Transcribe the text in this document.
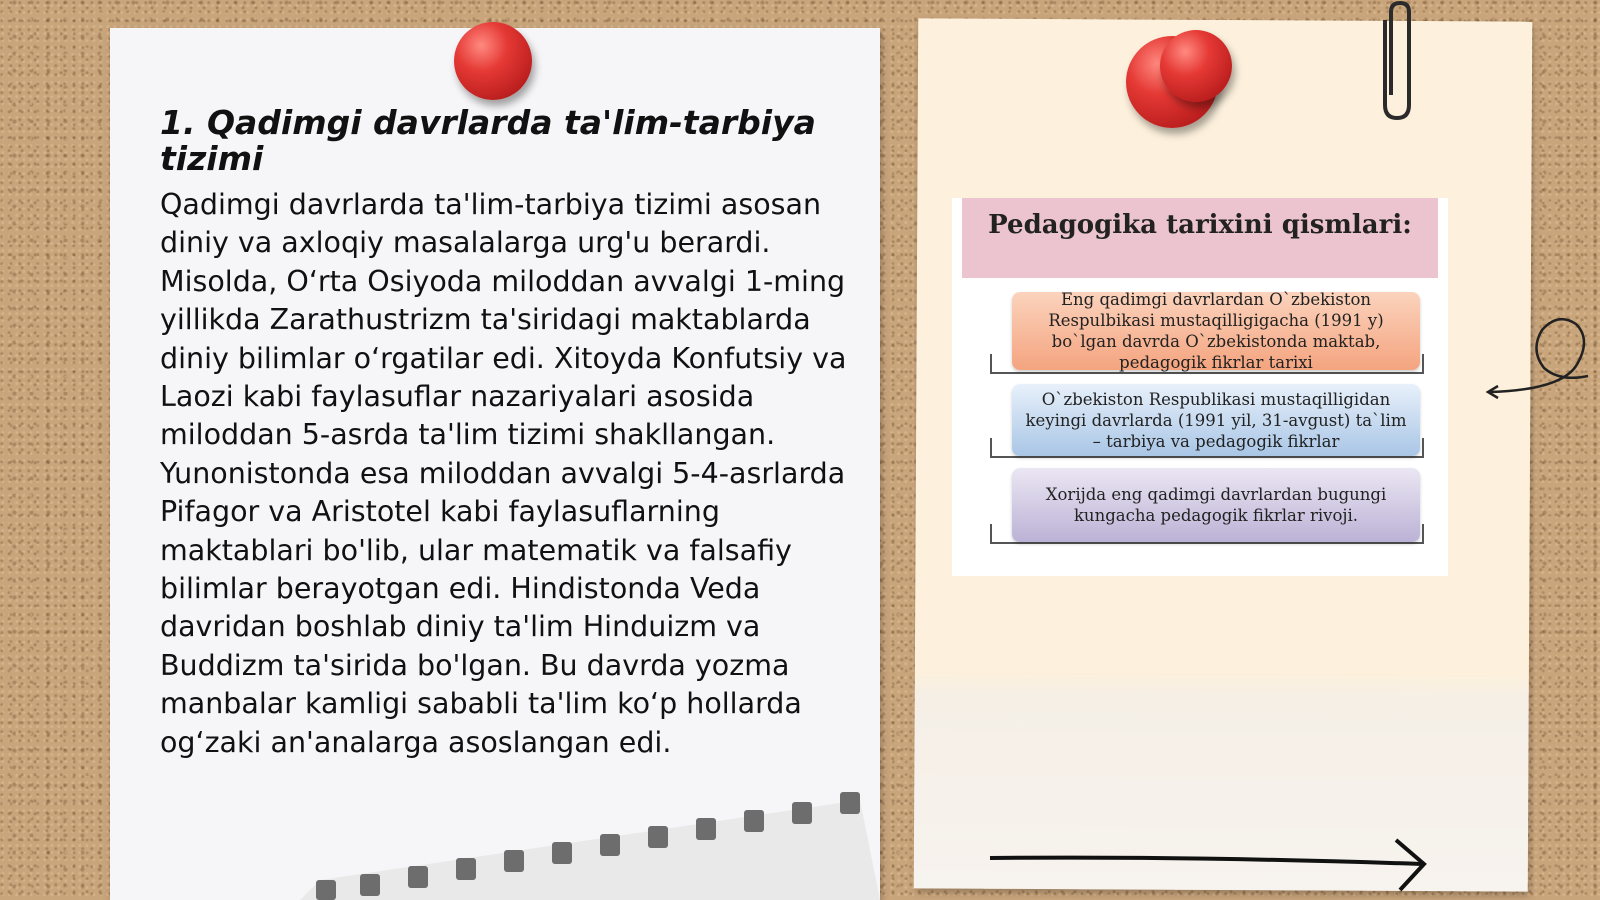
1. Qadimgi davrlarda ta'lim-tarbiya tizimi

Qadimgi davrlarda ta'lim-tarbiya tizimi asosan diniy va axloqiy masalalarga urg'u berardi. Misolda, O‘rta Osiyoda miloddan avvalgi 1-ming yillikda Zarathustrizm ta'siridagi maktablarda diniy bilimlar o‘rgatilar edi. Xitoyda Konfutsiy va Laozi kabi faylasuflar nazariyalari asosida miloddan 5-asrda ta'lim tizimi shakllangan. Yunonistonda esa miloddan avvalgi 5-4-asrlarda Pifagor va Aristotel kabi faylasuflarning maktablari bo'lib, ular matematik va falsafiy bilimlar berayotgan edi. Hindistonda Veda davridan boshlab diniy ta'lim Hinduizm va Buddizm ta'sirida bo'lgan. Bu davrda yozma manbalar kamligi sababli ta'lim ko‘p hollarda og‘zaki an'analarga asoslangan edi.

Pedagogika tarixini qismlari:
Eng qadimgi davrlardan O`zbekiston Respulbikasi mustaqilligigacha (1991 y) bo`lgan davrda O`zbekistonda maktab, pedagogik fikrlar tarixi
O`zbekiston Respublikasi mustaqilligidan keyingi davrlarda (1991 yil, 31-avgust) ta`lim – tarbiya va pedagogik fikrlar
Xorijda eng qadimgi davrlardan bugungi kungacha pedagogik fikrlar rivoji.
